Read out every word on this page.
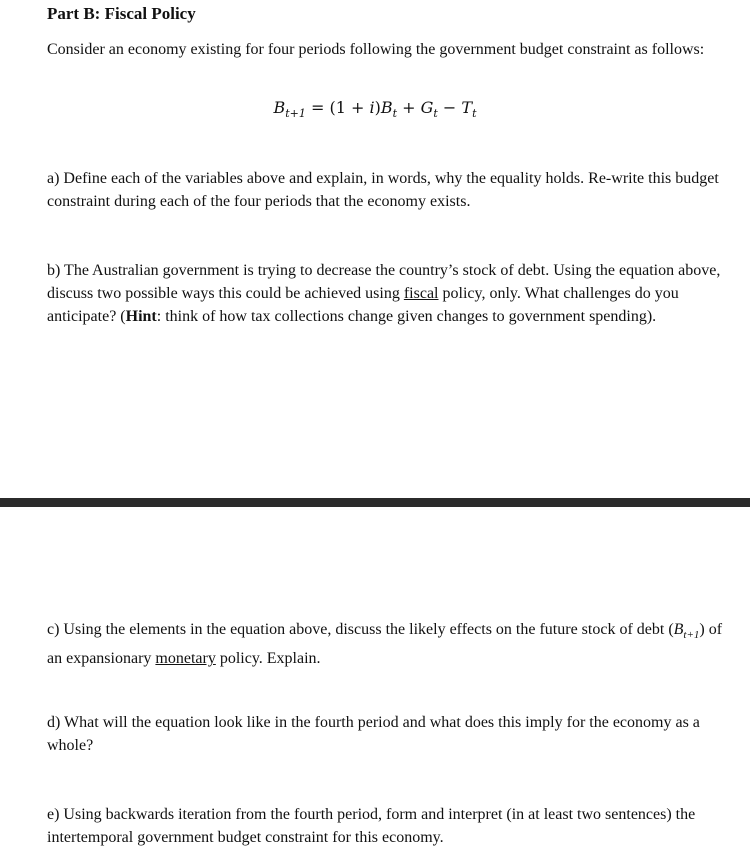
Part B: Fiscal Policy
Consider an economy existing for four periods following the government budget constraint as follows:
$B_{t+1} = (1 + i)B_t + G_t - T_t$
a) Define each of the variables above and explain, in words, why the equality holds. Re-write this budget constraint during each of the four periods that the economy exists.
b) The Australian government is trying to decrease the country’s stock of debt. Using the equation above, discuss two possible ways this could be achieved using fiscal policy, only. What challenges do you anticipate? (Hint: think of how tax collections change given changes to government spending).
c) Using the elements in the equation above, discuss the likely effects on the future stock of debt $(B_{t+1})$ of an expansionary monetary policy. Explain.
d) What will the equation look like in the fourth period and what does this imply for the economy as a whole?
e) Using backwards iteration from the fourth period, form and interpret (in at least two sentences) the intertemporal government budget constraint for this economy.
